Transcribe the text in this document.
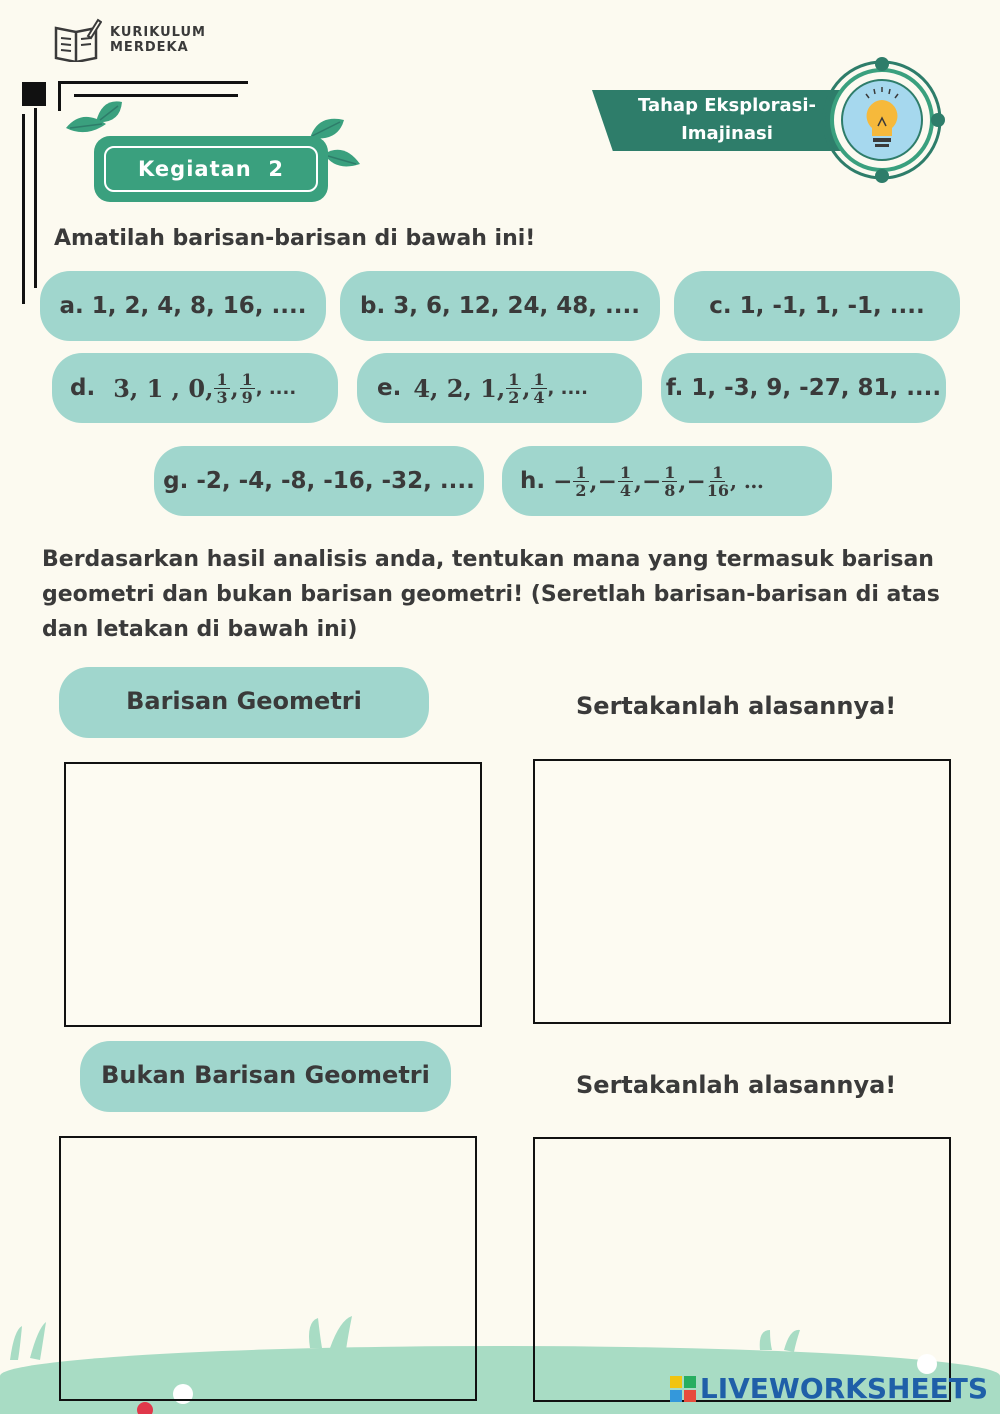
KURIKULUM
MERDEKA
Kegiatan  2
Tahap Eksplorasi-
Imajinasi
Amatilah barisan-barisan di bawah ini!
a. 1, 2, 4, 8, 16, .... b. 3, 6, 12, 24, 48, ....	c. 1, -1, 1, -1, ....
d. 3, 1 , 0, $\frac{1}{3}$ , $\frac{1}{9}$ , ....	e. 4, 2, 1, $\frac{1}{2}$ , $\frac{1}{4}$ , ....	f. 1, -3, 9, -27, 81, ....
g. -2, -4, -8, -16, -32, .... h. − $\frac{1}{2}$ , − $\frac{1}{4}$ , − $\frac{1}{8}$ , − $\frac{1}{16}$ , …
Berdasarkan hasil analisis anda, tentukan mana yang termasuk barisan geometri dan bukan barisan geometri! (Seretlah barisan-barisan di atas dan letakan di bawah ini)
Barisan Geometri	Sertakanlah alasannya!
Bukan Barisan Geometri	Sertakanlah alasannya!
LIVEWORKSHEETS
